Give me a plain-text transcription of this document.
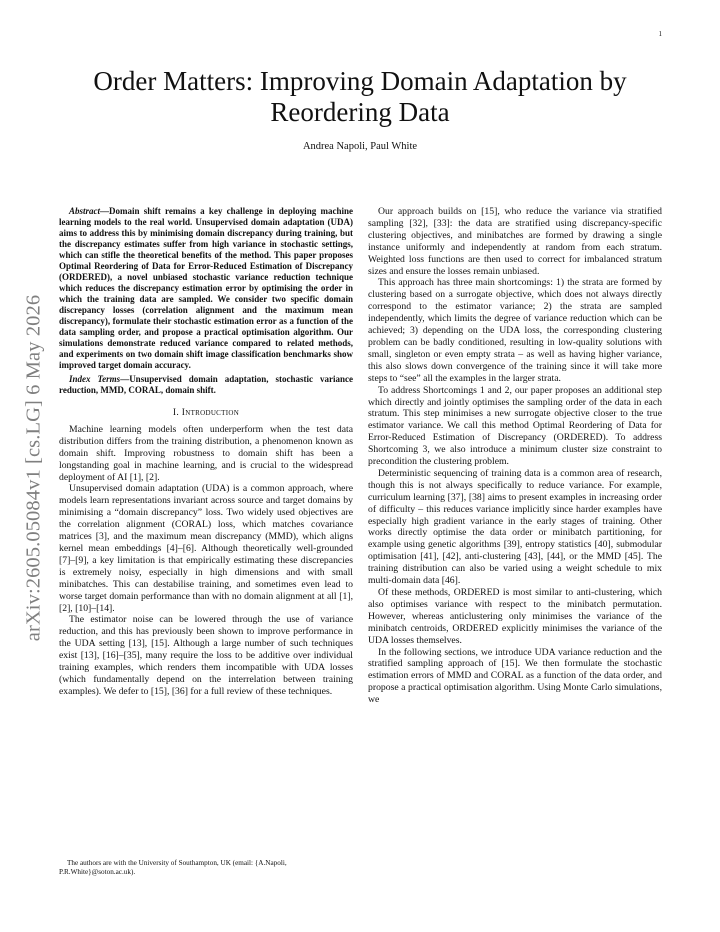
1
arXiv:2605.05084v1 [cs.LG] 6 May 2026
Order Matters: Improving Domain Adaptation by Reordering Data
Andrea Napoli, Paul White

Abstract—Domain shift remains a key challenge in deploying machine learning models to the real world. Unsupervised domain adaptation (UDA) aims to address this by minimising domain discrepancy during training, but the discrepancy estimates suffer from high variance in stochastic settings, which can stifle the theoretical benefits of the method. This paper proposes Optimal Reordering of Data for Error-Reduced Estimation of Discrepancy (ORDERED), a novel unbiased stochastic variance reduction technique which reduces the discrepancy estimation error by optimising the order in which the training data are sampled. We consider two specific domain discrepancy losses (correlation alignment and the maximum mean discrepancy), formulate their stochastic estimation error as a function of the data sampling order, and propose a practical optimisation algorithm. Our simulations demonstrate reduced variance compared to related methods, and experiments on two domain shift image classification benchmarks show improved target domain accuracy.

Index Terms—Unsupervised domain adaptation, stochastic variance reduction, MMD, CORAL, domain shift.

I. Introduction

Machine learning models often underperform when the test data distribution differs from the training distribution, a phenomenon known as domain shift. Improving robustness to domain shift has been a longstanding goal in machine learning, and is crucial to the widespread deployment of AI [1], [2].

Unsupervised domain adaptation (UDA) is a common approach, where models learn representations invariant across source and target domains by minimising a “domain discrepancy” loss. Two widely used objectives are the correlation alignment (CORAL) loss, which matches covariance matrices [3], and the maximum mean discrepancy (MMD), which aligns kernel mean embeddings [4]–[6]. Although theoretically well-grounded [7]–[9], a key limitation is that empirically estimating these discrepancies is extremely noisy, especially in high dimensions and with small minibatches. This can destabilise training, and sometimes even lead to worse target domain performance than with no domain alignment at all [1], [2], [10]–[14].

The estimator noise can be lowered through the use of variance reduction, and this has previously been shown to improve performance in the UDA setting [13], [15]. Although a large number of such techniques exist [13], [16]–[35], many require the loss to be additive over individual training examples, which renders them incompatible with UDA losses (which fundamentally depend on the interrelation between training examples). We defer to [15], [36] for a full review of these techniques.

The authors are with the University of Southampton, UK (email: {A.Napoli, P.R.White}@soton.ac.uk).

Our approach builds on [15], who reduce the variance via stratified sampling [32], [33]: the data are stratified using discrepancy-specific clustering objectives, and minibatches are formed by drawing a single instance uniformly and independently at random from each stratum. Weighted loss functions are then used to correct for imbalanced stratum sizes and ensure the losses remain unbiased.

This approach has three main shortcomings: 1) the strata are formed by clustering based on a surrogate objective, which does not always directly correspond to the estimator variance; 2) the strata are sampled independently, which limits the degree of variance reduction which can be achieved; 3) depending on the UDA loss, the corresponding clustering problem can be badly conditioned, resulting in low-quality solutions with small, singleton or even empty strata – as well as having higher variance, this also slows down convergence of the training since it will take more steps to “see” all the examples in the larger strata.

To address Shortcomings 1 and 2, our paper proposes an additional step which directly and jointly optimises the sampling order of the data in each stratum. This step minimises a new surrogate objective closer to the true estimator variance. We call this method Optimal Reordering of Data for Error-Reduced Estimation of Discrepancy (ORDERED). To address Shortcoming 3, we also introduce a minimum cluster size constraint to precondition the clustering problem.

Deterministic sequencing of training data is a common area of research, though this is not always specifically to reduce variance. For example, curriculum learning [37], [38] aims to present examples in increasing order of difficulty – this reduces variance implicitly since harder examples have especially high gradient variance in the early stages of training. Other works directly optimise the data order or minibatch partitioning, for example using genetic algorithms [39], entropy statistics [40], submodular optimisation [41], [42], anti-clustering [43], [44], or the MMD [45]. The training distribution can also be varied using a weight schedule to mix multi-domain data [46].

Of these methods, ORDERED is most similar to anti-clustering, which also optimises variance with respect to the minibatch permutation. However, whereas anticlustering only minimises the variance of the minibatch centroids, ORDERED explicitly minimises the variance of the UDA losses themselves.

In the following sections, we introduce UDA variance reduction and the stratified sampling approach of [15]. We then formulate the stochastic estimation errors of MMD and CORAL as a function of the data order, and propose a practical optimisation algorithm. Using Monte Carlo simulations, we
